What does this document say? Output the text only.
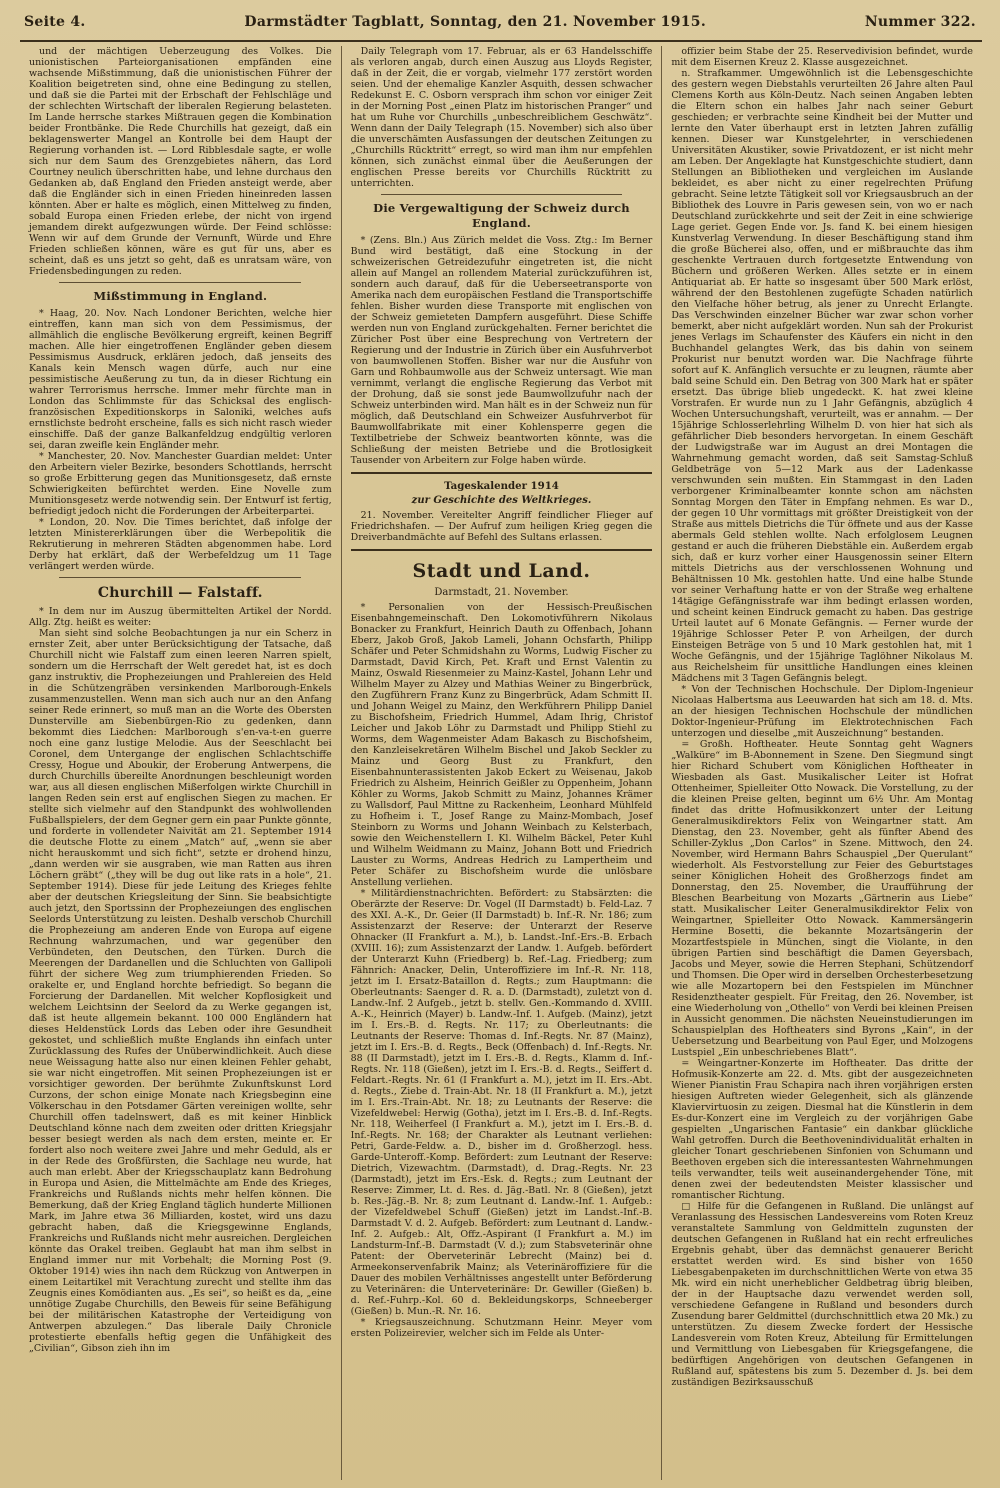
Seite 4.	Darmstädter Tagblatt, Sonntag, den 21. November 1915.	Nummer 322.

und der mächtigen Ueberzeugung des Volkes. Die unionistischen Parteiorganisationen empfänden eine wachsende Mißstimmung, daß die unionistischen Führer der Koalition beigetreten sind, ohne eine Bedingung zu stellen, und daß sie die Partei mit der Erbschaft der Fehlschläge und der schlechten Wirtschaft der liberalen Regierung belasteten. Im Lande herrsche starkes Mißtrauen gegen die Kombination beider Frontbänke. Die Rede Churchills hat gezeigt, daß ein beklagenswerter Mangel an Kontrolle bei dem Haupt der Regierung vorhanden ist. — Lord Ribblesdale sagte, er wolle sich nur dem Saum des Grenzgebietes nähern, das Lord Courtney neulich überschritten habe, und lehne durchaus den Gedanken ab, daß England den Frieden ansteigt werde, aber daß die Engländer sich in einen Frieden hineinreden lassen könnten. Aber er halte es möglich, einen Mittelweg zu finden, sobald Europa einen Frieden erlebe, der nicht von irgend jemandem direkt aufgezwungen würde. Der Feind schlösse: Wenn wir auf dem Grunde der Vernunft, Würde und Ehre Frieden schließen können, wäre es gut für uns, aber es scheint, daß es uns jetzt so geht, daß es unratsam wäre, von Friedensbedingungen zu reden.

Mißstimmung in England.

* Haag, 20. Nov. Nach Londoner Berichten, welche hier eintreffen, kann man sich von dem Pessimismus, der allmählich die englische Bevölkerung ergreift, keinen Begriff machen. Alle hier eingetroffenen Engländer geben diesem Pessimismus Ausdruck, erklären jedoch, daß jenseits des Kanals kein Mensch wagen dürfe, auch nur eine pessimistische Aeußerung zu tun, da in dieser Richtung ein wahrer Terrorismus herrsche. Immer mehr fürchte man in London das Schlimmste für das Schicksal des englisch-französischen Expeditionskorps in Saloniki, welches aufs ernstlichste bedroht erscheine, falls es sich nicht rasch wieder einschiffe. Daß der ganze Balkanfeldzug endgültig verloren sei, daran zweifle kein Engländer mehr.

* Manchester, 20. Nov. Manchester Guardian meldet: Unter den Arbeitern vieler Bezirke, besonders Schottlands, herrscht so große Erbitterung gegen das Munitionsgesetz, daß ernste Schwierigkeiten befürchtet werden. Eine Novelle zum Munitionsgesetz werde notwendig sein. Der Entwurf ist fertig, befriedigt jedoch nicht die Forderungen der Arbeiterpartei.

* London, 20. Nov. Die Times berichtet, daß infolge der letzten Ministererklärungen über die Werbepolitik die Rekrutierung in mehreren Städten abgenommen habe. Lord Derby hat erklärt, daß der Werbefeldzug um 11 Tage verlängert werden würde.

Churchill — Falstaff.

* In dem nur im Auszug übermittelten Artikel der Nordd. Allg. Ztg. heißt es weiter:

Man sieht sind solche Beobachtungen ja nur ein Scherz in ernster Zeit, aber unter Berücksichtigung der Tatsache, daß Churchill nicht wie Falstaff zum einen leeren Narren spielt, sondern um die Herrschaft der Welt geredet hat, ist es doch ganz instruktiv, die Prophezeiungen und Prahlereien des Held in die Schützengräben versinkenden Marlborough-Enkels zusammenzustellen. Wenn man sich auch nur an den Anfang seiner Rede erinnert, so muß man an die Worte des Obersten Dunsterville am Siebenbürgen-Rio zu gedenken, dann bekommt dies Liedchen: Marlborough s'en-va-t-en guerre noch eine ganz lustige Melodie. Aus der Seeschlacht bei Coronel, dem Untergange der englischen Schlachtschiffe Cressy, Hogue und Aboukir, der Eroberung Antwerpens, die durch Churchills übereilte Anordnungen beschleunigt worden war, aus all diesen englischen Mißerfolgen wirkte Churchill in langen Reden sein erst auf englischen Siegen zu machen. Er stellte sich vielmehr auf den Standpunkt des wohlwollenden Fußballspielers, der dem Gegner gern ein paar Punkte gönnte, und forderte in vollendeter Naivität am 21. September 1914 die deutsche Flotte zu einem „Match“ auf, „wenn sie aber nicht herauskommt und sich ficht“, setzte er drohend hinzu, „dann werden wir sie ausgraben, wie man Ratten aus ihren Löchern gräbt“ („they will be dug out like rats in a hole“, 21. September 1914). Diese für jede Leitung des Krieges fehlte aber der deutschen Kriegsleitung der Sinn. Sie beabsichtigte auch jetzt, den Sportssinn der Prophezeiungen des englischen Seelords Unterstützung zu leisten. Deshalb verschob Churchill die Prophezeiung am anderen Ende von Europa auf eigene Rechnung wahrzumachen, und war gegenüber den Verbündeten, den Deutschen, den Türken. Durch die Meerengen der Dardanellen und die Schluchten von Gallipoli führt der sichere Weg zum triumphierenden Frieden. So orakelte er, und England horchte befriedigt. So begann die Forcierung der Dardanellen. Mit welcher Kopflosigkeit und welchem Leichtsinn der Seelord da zu Werke gegangen ist, daß ist heute allgemein bekannt. 100 000 Engländern hat dieses Heldenstück Lords das Leben oder ihre Gesundheit gekostet, und schließlich mußte Englands ihn einfach unter Zurücklassung des Rufes der Unüberwindlichkeit. Auch diese neue Weissagung hatte also nur einen kleinen Fehler gehabt, sie war nicht eingetroffen. Mit seinen Prophezeiungen ist er vorsichtiger geworden. Der berühmte Zukunftskunst Lord Curzons, der schon einige Monate nach Kriegsbeginn eine Völkerschau in den Potsdamer Gärten vereinigen wollte, sehr Churchill offen tadelnswert, daß es mit keiner Hinblick Deutschland könne nach dem zweiten oder dritten Kriegsjahr besser besiegt werden als nach dem ersten, meinte er. Er fordert also noch weitere zwei Jahre und mehr Geduld, als er in der Rede des Großfürsten, die Sachlage neu wurde, hat auch man erlebt. Aber der Kriegsschauplatz kann Bedrohung in Europa und Asien, die Mittelmächte am Ende des Krieges, Frankreichs und Rußlands nichts mehr helfen können. Die Bemerkung, daß der Krieg England täglich hunderte Millionen Mark, im Jahre etwa 36 Milliarden, kostet, wird uns dazu gebracht haben, daß die Kriegsgewinne Englands, Frankreichs und Rußlands nicht mehr ausreichen. Dergleichen könnte das Orakel treiben. Geglaubt hat man ihm selbst in England immer nur mit Vorbehalt; die Morning Post (9. Oktober 1914) wies ihn nach dem Rückzug von Antwerpen in einem Leitartikel mit Verachtung zurecht und stellte ihm das Zeugnis eines Komödianten aus. „Es sei“, so heißt es da, „eine unnötige Zugabe Churchills, den Beweis für seine Befähigung bei der militärischen Katastrophe der Verteidigung von Antwerpen abzulegen.“ Das liberale Daily Chronicle protestierte ebenfalls heftig gegen die Unfähigkeit des „Civilian“, Gibson zieh ihn im

Daily Telegraph vom 17. Februar, als er 63 Handelsschiffe als verloren angab, durch einen Auszug aus Lloyds Register, daß in der Zeit, die er vorgab, vielmehr 177 zerstört worden seien. Und der ehemalige Kanzler Asquith, dessen schwacher Redekunst E. C. Osborn versprach ihm schon vor einiger Zeit in der Morning Post „einen Platz im historischen Pranger“ und hat um Ruhe vor Churchills „unbeschreiblichem Geschwätz“. Wenn dann der Daily Telegraph (15. November) sich also über die unverschämten Ausfassungen der deutschen Zeitungen zu „Churchills Rücktritt“ erregt, so wird man ihm nur empfehlen können, sich zunächst einmal über die Aeußerungen der englischen Presse bereits vor Churchills Rücktritt zu unterrichten.

Die Vergewaltigung der Schweiz durch England.

* (Zens. Bln.) Aus Zürich meldet die Voss. Ztg.: Im Berner Bund wird bestätigt, daß eine Stockung in der schweizerischen Getreidezufuhr eingetreten ist, die nicht allein auf Mangel an rollendem Material zurückzuführen ist, sondern auch darauf, daß für die Ueberseetransporte von Amerika nach dem europäischen Festland die Transportschiffe fehlen. Bisher wurden diese Transporte mit englischen von der Schweiz gemieteten Dampfern ausgeführt. Diese Schiffe werden nun von England zurückgehalten. Ferner berichtet die Züricher Post über eine Besprechung von Vertretern der Regierung und der Industrie in Zürich über ein Ausfuhrverbot von baumwollenen Stoffen. Bisher war nur die Ausfuhr von Garn und Rohbaumwolle aus der Schweiz untersagt. Wie man vernimmt, verlangt die englische Regierung das Verbot mit der Drohung, daß sie sonst jede Baumwollzufuhr nach der Schweiz unterbinden wird. Man hält es in der Schweiz nun für möglich, daß Deutschland ein Schweizer Ausfuhrverbot für Baumwollfabrikate mit einer Kohlensperre gegen die Textilbetriebe der Schweiz beantworten könnte, was die Schließung der meisten Betriebe und die Brotlosigkeit Tausender von Arbeitern zur Folge haben würde.

Tageskalender 1914
zur Geschichte des Weltkrieges.

21. November. Vereitelter Angriff feindlicher Flieger auf Friedrichshafen. — Der Aufruf zum heiligen Krieg gegen die Dreiverbandmächte auf Befehl des Sultans erlassen.

Stadt und Land.
Darmstadt, 21. November.

* Personalien von der Hessisch-Preußischen Eisenbahngemeinschaft. Den Lokomotivführern Nikolaus Bonacker zu Frankfurt, Heinrich Dauth zu Offenbach, Johann Eberz, Jakob Groß, Jakob Lameli, Johann Ochsfarth, Philipp Schäfer und Peter Schmidshahn zu Worms, Ludwig Fischer zu Darmstadt, David Kirch, Pet. Kraft und Ernst Valentin zu Mainz, Oswald Riesenmeier zu Mainz-Kastel, Johann Lehr und Wilhelm Mayer zu Alzey und Mathias Weiner zu Bingerbrück, den Zugführern Franz Kunz zu Bingerbrück, Adam Schmitt II. und Johann Weigel zu Mainz, den Werkführern Philipp Daniel zu Bischofsheim, Friedrich Hummel, Adam Ihrig, Christof Leicher und Jakob Löhr zu Darmstadt und Philipp Stiehl zu Worms, dem Wagenmeister Adam Bakasch zu Bischofsheim, den Kanzleisekretären Wilhelm Bischel und Jakob Seckler zu Mainz und Georg Bust zu Frankfurt, den Eisenbahnunterassistenten Jakob Eckert zu Weisenau, Jakob Friedrich zu Alsheim, Heinrich Geißler zu Oppenheim, Johann Köhler zu Worms, Jakob Schmitt zu Mainz, Johannes Krämer zu Wallsdorf, Paul Mittne zu Rackenheim, Leonhard Mühlfeld zu Hofheim i. T., Josef Range zu Mainz-Mombach, Josef Steinborn zu Worms und Johann Weinbach zu Kelsterbach, sowie den Weichenstellern I. Kl. Wilhelm Bäckel, Peter Kuhl und Wilhelm Weidmann zu Mainz, Johann Bott und Friedrich Lauster zu Worms, Andreas Hedrich zu Lampertheim und Peter Schäfer zu Bischofsheim wurde die unlösbare Anstellung verliehen.

* Militärdienstnachrichten. Befördert: zu Stabsärzten: die Oberärzte der Reserve: Dr. Vogel (II Darmstadt) b. Feld-Laz. 7 des XXI. A.-K., Dr. Geier (II Darmstadt) b. Inf.-R. Nr. 186; zum Assistenzarzt der Reserve: der Unterarzt der Reserve Ohnacker (II Frankfurt a. M.), b. Landst.-Inf.-Ers.-B. Erbach (XVIII. 16); zum Assistenzarzt der Landw. 1. Aufgeb. befördert der Unterarzt Kuhn (Friedberg) b. Ref.-Lag. Friedberg; zum Fähnrich: Anacker, Delin, Unteroffiziere im Inf.-R. Nr. 118, jetzt im I. Ersatz-Bataillon d. Regts.; zum Hauptmann: die Oberleutnants: Saenger d. R. a. D. (Darmstadt), zuletzt von d. Landw.-Inf. 2 Aufgeb., jetzt b. stellv. Gen.-Kommando d. XVIII. A.-K., Heinrich (Mayer) b. Landw.-Inf. 1. Aufgeb. (Mainz), jetzt im I. Ers.-B. d. Regts. Nr. 117; zu Oberleutnants: die Leutnants der Reserve: Thomas d. Inf.-Regts. Nr. 87 (Mainz), jetzt im I. Ers.-B. d. Regts., Beck (Offenbach) d. Inf.-Regts. Nr. 88 (II Darmstadt), jetzt im I. Ers.-B. d. Regts., Klamm d. Inf.-Regts. Nr. 118 (Gießen), jetzt im I. Ers.-B. d. Regts., Seiffert d. Feldart.-Regts. Nr. 61 (I Frankfurt a. M.), jetzt im II. Ers.-Abt. d. Regts., Ziebe d. Train-Abt. Nr. 18 (II Frankfurt a. M.), jetzt im I. Ers.-Train-Abt. Nr. 18; zu Leutnants der Reserve: die Vizefeldwebel: Herwig (Gotha), jetzt im I. Ers.-B. d. Inf.-Regts. Nr. 118, Weiherfeel (I Frankfurt a. M.), jetzt im I. Ers.-B. d. Inf.-Regts. Nr. 168; der Charakter als Leutnant verliehen: Petri, Garde-Feldw. a. D., bisher im d. Großherzogl. hess. Garde-Unteroff.-Komp. Befördert: zum Leutnant der Reserve: Dietrich, Vizewachtm. (Darmstadt), d. Drag.-Regts. Nr. 23 (Darmstadt), jetzt im Ers.-Esk. d. Regts.; zum Leutnant der Reserve: Zimmer, Lt. d. Res. d. Jäg.-Batl. Nr. 8 (Gießen), jetzt b. Res.-Jäg.-B. Nr. 8; zum Leutnant d. Landw.-Inf. 1. Aufgeb.: der Vizefeldwebel Schuff (Gießen) jetzt im Landst.-Inf.-B. Darmstadt V. d. 2. Aufgeb. Befördert: zum Leutnant d. Landw.-Inf. 2. Aufgeb.: Alt, Offz.-Aspirant (I Frankfurt a. M.) im Landsturm-Inf.-B. Darmstadt (V. d.); zum Stabsveterinär ohne Patent: der Oberveterinär Lebrecht (Mainz) bei d. Armeekonservenfabrik Mainz; als Veterinäroffiziere für die Dauer des mobilen Verhältnisses angestellt unter Beförderung zu Veterinären: die Unterveterinäre: Dr. Gewiller (Gießen) b. d. Ref.-Fuhrp.-Kol. 60 d. Bekleidungskorps, Schneeberger (Gießen) b. Mun.-R. Nr. 16.

* Kriegsauszeichnung. Schutzmann Heinr. Meyer vom ersten Polizeirevier, welcher sich im Felde als Unter-

offizier beim Stabe der 25. Reservedivision befindet, wurde mit dem Eisernen Kreuz 2. Klasse ausgezeichnet.

n. Strafkammer. Umgewöhnlich ist die Lebensgeschichte des gestern wegen Diebstahls verurteilten 26 Jahre alten Paul Clemens Korth aus Köln-Deutz. Nach seinen Angaben lebten die Eltern schon ein halbes Jahr nach seiner Geburt geschieden; er verbrachte seine Kindheit bei der Mutter und lernte den Vater überhaupt erst in letzten Jahren zufällig kennen. Dieser war Kunstgelehrter, in verschiedenen Universitäten Akustiker, sowie Privatdozent, er ist nicht mehr am Leben. Der Angeklagte hat Kunstgeschichte studiert, dann Stellungen an Bibliotheken und vergleichen im Auslande bekleidet, es aber nicht zu einer regelrechten Prüfung gebracht. Seine letzte Tätigkeit soll vor Kriegsausbruch an der Bibliothek des Louvre in Paris gewesen sein, von wo er nach Deutschland zurückkehrte und seit der Zeit in eine schwierige Lage geriet. Gegen Ende vor. Js. fand K. bei einem hiesigen Kunstverlag Verwendung. In dieser Beschäftigung stand ihm die große Bücherei also, offen, und er mißbrauchte das ihm geschenkte Vertrauen durch fortgesetzte Entwendung von Büchern und größeren Werken. Alles setzte er in einem Antiquariat ab. Er hatte so insgesamt über 500 Mark erlöst, während der den Bestohlenen zugefügte Schaden natürlich den Vielfache höher betrug, als jener zu Unrecht Erlangte. Das Verschwinden einzelner Bücher war zwar schon vorher bemerkt, aber nicht aufgeklärt worden. Nun sah der Prokurist jenes Verlags im Schaufenster des Käufers ein nicht in den Buchhandel gelangtes Werk, das bis dahin von seinem Prokurist nur benutzt worden war. Die Nachfrage führte sofort auf K. Anfänglich versuchte er zu leugnen, räumte aber bald seine Schuld ein. Den Betrag von 300 Mark hat er später ersetzt. Das übrige blieb ungedeckt. K. hat zwei kleine Vorstrafen. Er wurde nun zu 1 Jahr Gefängnis, abzüglich 4 Wochen Untersuchungshaft, verurteilt, was er annahm. — Der 15jährige Schlosserlehrling Wilhelm D. von hier hat sich als gefährlicher Dieb besonders hervorgetan. In einem Geschäft der Ludwigstraße war im August an drei Montagen die Wahrnehmung gemacht worden, daß seit Samstag-Schluß Geldbeträge von 5—12 Mark aus der Ladenkasse verschwunden sein mußten. Ein Stammgast in den Laden verborgener Kriminalbeamter konnte schon am nächsten Sonntag Morgen den Täter in Empfang nehmen. Es war D., der gegen 10 Uhr vormittags mit größter Dreistigkeit von der Straße aus mittels Dietrichs die Tür öffnete und aus der Kasse abermals Geld stehlen wollte. Nach erfolglosem Leugnen gestand er auch die früheren Diebstähle ein. Außerdem ergab sich, daß er kurz vorher einer Hausgenossin seiner Eltern mittels Dietrichs aus der verschlossenen Wohnung und Behältnissen 10 Mk. gestohlen hatte. Und eine halbe Stunde vor seiner Verhaftung hatte er von der Straße weg erhaltene 14tägige Gefängnisstrafe war ihm bedingt erlassen worden, und scheint keinen Eindruck gemacht zu haben. Das gestrige Urteil lautet auf 6 Monate Gefängnis. — Ferner wurde der 19jährige Schlosser Peter P. von Arheilgen, der durch Einsteigen Beträge von 5 und 10 Mark gestohlen hat, mit 1 Woche Gefängnis, und der 15jährige Taglöhner Nikolaus M. aus Reichelsheim für unsittliche Handlungen eines kleinen Mädchens mit 3 Tagen Gefängnis belegt.

* Von der Technischen Hochschule. Der Diplom-Ingenieur Nicolaas Halbertsma aus Leeuwarden hat sich am 18. d. Mts. an der hiesigen Technischen Hochschule der mündlichen Doktor-Ingenieur-Prüfung im Elektrotechnischen Fach unterzogen und dieselbe „mit Auszeichnung“ bestanden.

= Großh. Hoftheater. Heute Sonntag geht Wagners „Walküre“ im B-Abonnement in Szene. Den Siegmund singt hier Richard Schubert vom Königlichen Hoftheater in Wiesbaden als Gast. Musikalischer Leiter ist Hofrat Ottenheimer, Spielleiter Otto Nowack. Die Vorstellung, zu der die kleinen Preise gelten, beginnt um 6½ Uhr. Am Montag findet das dritte Hofmusikkonzert unter der Leitung Generalmusikdirektors Felix von Weingartner statt. Am Dienstag, den 23. November, geht als fünfter Abend des Schiller-Zyklus „Don Carlos“ in Szene. Mittwoch, den 24. November, wird Hermann Bahrs Schauspiel „Der Querulant“ wiederholt. Als Festvorstellung zur Feier des Geburtstages seiner Königlichen Hoheit des Großherzogs findet am Donnerstag, den 25. November, die Uraufführung der Bleschen Bearbeitung von Mozarts „Gärtnerin aus Liebe“ statt. Musikalischer Leiter Generalmusikdirektor Felix von Weingartner, Spielleiter Otto Nowack. Kammersängerin Hermine Bosetti, die bekannte Mozartsängerin der Mozartfestspiele in München, singt die Violante, in den übrigen Partien sind beschäftigt die Damen Geyersbach, Jacobs und Meyer, sowie die Herren Stephani, Schützendorf und Thomsen. Die Oper wird in derselben Orchesterbesetzung wie alle Mozartopern bei den Festspielen im Münchner Residenztheater gespielt. Für Freitag, den 26. November, ist eine Wiederholung von „Othello“ von Verdi bei kleinen Preisen in Aussicht genommen. Die nächsten Neueinstudierungen im Schauspielplan des Hoftheaters sind Byrons „Kain“, in der Uebersetzung und Bearbeitung von Paul Eger, und Molzogens Lustspiel „Ein unbeschriebenes Blatt“.

= Weingartner-Konzerte im Hoftheater. Das dritte der Hofmusik-Konzerte am 22. d. Mts. gibt der ausgezeichneten Wiener Pianistin Frau Schapira nach ihren vorjährigen ersten hiesigen Auftreten wieder Gelegenheit, sich als glänzende Klaviervirtuosin zu zeigen. Diesmal hat die Künstlerin in dem Es-dur-Konzert eine im Vergleich zu der vorjährigen Gabe gespielten „Ungarischen Fantasie“ ein dankbar glückliche Wahl getroffen. Durch die Beethovenindividualität erhalten in gleicher Tonart geschriebenen Sinfonien von Schumann und Beethoven ergeben sich die interessantesten Wahrnehmungen teils verwandter, teils weit auseinandergehender Töne, mit denen zwei der bedeutendsten Meister klassischer und romantischer Richtung.

□ Hilfe für die Gefangenen in Rußland. Die unlängst auf Veranlassung des Hessischen Landesvereins vom Roten Kreuz veranstaltete Sammlung von Geldmitteln zugunsten der deutschen Gefangenen in Rußland hat ein recht erfreuliches Ergebnis gehabt, über das demnächst genauerer Bericht erstattet werden wird. Es sind bisher von 1650 Liebesgabenpaketen im durchschnittlichen Werte von etwa 35 Mk. wird ein nicht unerheblicher Geldbetrag übrig bleiben, der in der Hauptsache dazu verwendet werden soll, verschiedene Gefangene in Rußland und besonders durch Zusendung barer Geldmittel (durchschnittlich etwa 20 Mk.) zu unterstützen. Zu diesem Zwecke fordert der Hessische Landesverein vom Roten Kreuz, Abteilung für Ermittelungen und Vermittlung von Liebesgaben für Kriegsgefangene, die bedürftigen Angehörigen von deutschen Gefangenen in Rußland auf, spätestens bis zum 5. Dezember d. Js. bei dem zuständigen Bezirksausschuß
